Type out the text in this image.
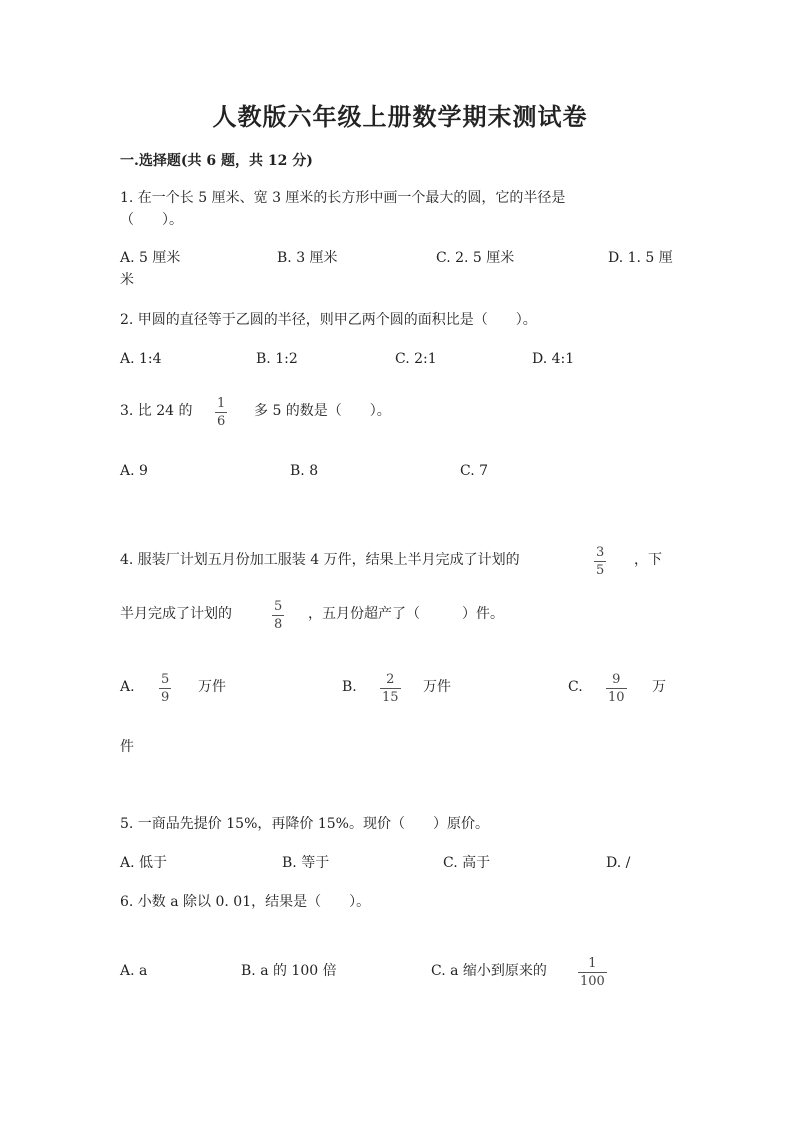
人教版六年级上册数学期末测试卷
一.选择题(共 6 题，共 12 分)
1. 在一个长 5 厘米、宽 3 厘米的长方形中画一个最大的圆，它的半径是
（　　）。
A. 5 厘米	B. 3 厘米	C. 2. 5 厘米	D. 1. 5 厘
米
2. 甲圆的直径等于乙圆的半径，则甲乙两个圆的面积比是（　　）。
A. 1:4	B. 1:2	C. 2:1	D. 4:1
3. 比 24 的 1
6
多 5 的数是（　　）。
A. 9	B. 8	C. 7
4. 服装厂计划五月份加工服装 4 万件，结果上半月完成了计划的	3
5
，下
半月完成了计划的	5
8
，五月份超产了（　　　）件。
A. 5
9
万件	B. 2
15
万件	C. 9
10
万
件
5. 一商品先提价 15%，再降价 15%。现价（　　）原价。
A. 低于	B. 等于	C. 高于	D. /
6. 小数 a 除以 0. 01，结果是（　　）。
A. a	B. a 的 100 倍	C. a 缩小到原来的	1
100
